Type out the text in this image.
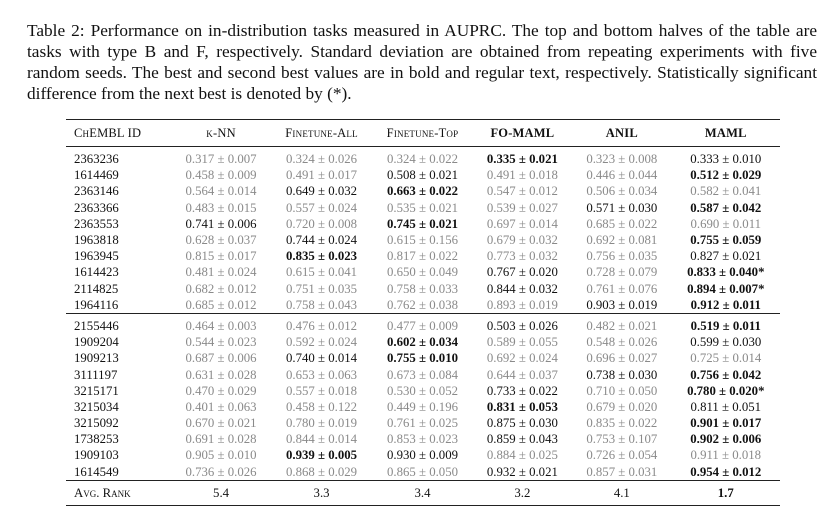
Table 2: Performance on in-distribution tasks measured in AUPRC. The top and bottom halves of the table are tasks with type B and F, respectively. Standard deviation are obtained from repeating experiments with five random seeds. The best and second best values are in bold and regular text, respectively. Statistically significant difference from the next best is denoted by (*).
ChEMBL ID	k-NN	Finetune-All	Finetune-Top	FO-MAML	ANIL	MAML
2363236	0.317 ± 0.007	0.324 ± 0.026	0.324 ± 0.022	0.335 ± 0.021	0.323 ± 0.008	0.333 ± 0.010
1614469	0.458 ± 0.009	0.491 ± 0.017	0.508 ± 0.021	0.491 ± 0.018	0.446 ± 0.044	0.512 ± 0.029
2363146	0.564 ± 0.014	0.649 ± 0.032	0.663 ± 0.022	0.547 ± 0.012	0.506 ± 0.034	0.582 ± 0.041
2363366	0.483 ± 0.015	0.557 ± 0.024	0.535 ± 0.021	0.539 ± 0.027	0.571 ± 0.030	0.587 ± 0.042
2363553	0.741 ± 0.006	0.720 ± 0.008	0.745 ± 0.021	0.697 ± 0.014	0.685 ± 0.022	0.690 ± 0.011
1963818	0.628 ± 0.037	0.744 ± 0.024	0.615 ± 0.156	0.679 ± 0.032	0.692 ± 0.081	0.755 ± 0.059
1963945	0.815 ± 0.017	0.835 ± 0.023	0.817 ± 0.022	0.773 ± 0.032	0.756 ± 0.035	0.827 ± 0.021
1614423	0.481 ± 0.024	0.615 ± 0.041	0.650 ± 0.049	0.767 ± 0.020	0.728 ± 0.079	0.833 ± 0.040*
2114825	0.682 ± 0.012	0.751 ± 0.035	0.758 ± 0.033	0.844 ± 0.032	0.761 ± 0.076	0.894 ± 0.007*
1964116	0.685 ± 0.012	0.758 ± 0.043	0.762 ± 0.038	0.893 ± 0.019	0.903 ± 0.019	0.912 ± 0.011
2155446	0.464 ± 0.003	0.476 ± 0.012	0.477 ± 0.009	0.503 ± 0.026	0.482 ± 0.021	0.519 ± 0.011
1909204	0.544 ± 0.023	0.592 ± 0.024	0.602 ± 0.034	0.589 ± 0.055	0.548 ± 0.026	0.599 ± 0.030
1909213	0.687 ± 0.006	0.740 ± 0.014	0.755 ± 0.010	0.692 ± 0.024	0.696 ± 0.027	0.725 ± 0.014
3111197	0.631 ± 0.028	0.653 ± 0.063	0.673 ± 0.084	0.644 ± 0.037	0.738 ± 0.030	0.756 ± 0.042
3215171	0.470 ± 0.029	0.557 ± 0.018	0.530 ± 0.052	0.733 ± 0.022	0.710 ± 0.050	0.780 ± 0.020*
3215034	0.401 ± 0.063	0.458 ± 0.122	0.449 ± 0.196	0.831 ± 0.053	0.679 ± 0.020	0.811 ± 0.051
3215092	0.670 ± 0.021	0.780 ± 0.019	0.761 ± 0.025	0.875 ± 0.030	0.835 ± 0.022	0.901 ± 0.017
1738253	0.691 ± 0.028	0.844 ± 0.014	0.853 ± 0.023	0.859 ± 0.043	0.753 ± 0.107	0.902 ± 0.006
1909103	0.905 ± 0.010	0.939 ± 0.005	0.930 ± 0.009	0.884 ± 0.025	0.726 ± 0.054	0.911 ± 0.018
1614549	0.736 ± 0.026	0.868 ± 0.029	0.865 ± 0.050	0.932 ± 0.021	0.857 ± 0.031	0.954 ± 0.012
Avg. Rank	5.4	3.3	3.4	3.2	4.1	1.7
